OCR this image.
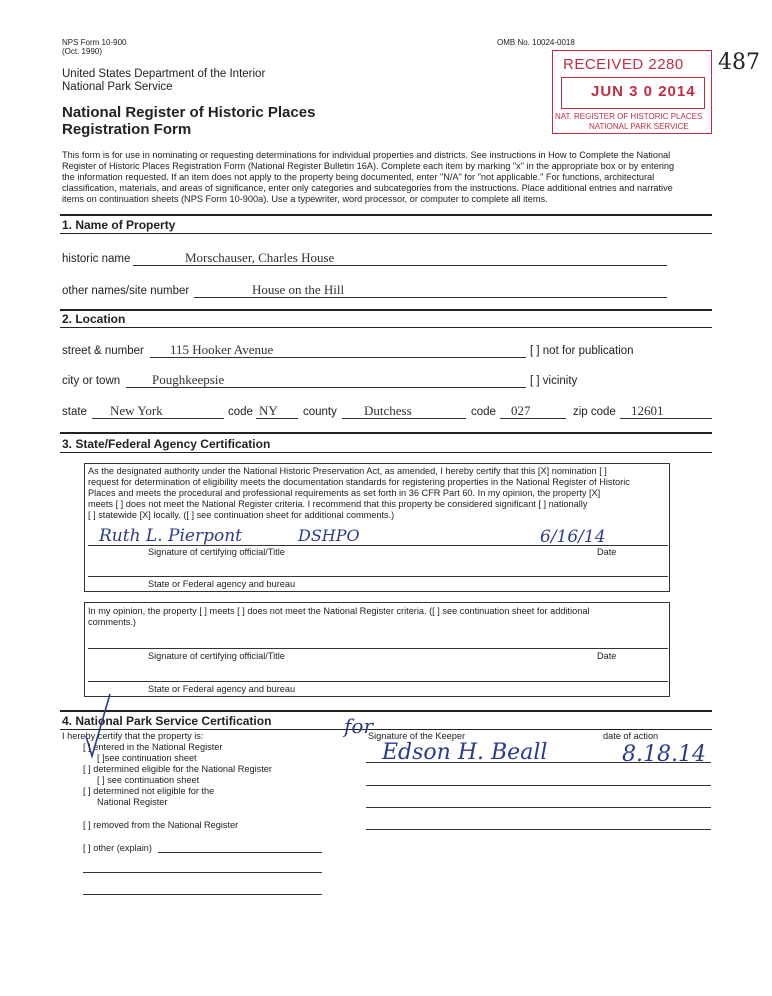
NPS Form 10-900
(Oct. 1990)
OMB No. 10024-0018
United States Department of the Interior
National Park Service
National Register of Historic Places
Registration Form
RECEIVED 2280
JUN 3 0 2014
NAT. REGISTER OF HISTORIC PLACES
NATIONAL PARK SERVICE
487
This form is for use in nominating or requesting determinations for individual properties and districts. See instructions in How to Complete the National
Register of Historic Places Registration Form (National Register Bulletin 16A). Complete each item by marking "x" in the appropriate box or by entering
the information requested. If an item does not apply to the property being documented, enter "N/A" for "not applicable." For functions, architectural
classification, materials, and areas of significance, enter only categories and subcategories from the instructions. Place additional entries and narrative
items on continuation sheets (NPS Form 10-900a). Use a typewriter, word processor, or computer to complete all items.
1. Name of Property
historic name	Morschauser, Charles House
other names/site number	House on the Hill
2. Location
street & number 115 Hooker Avenue	[ ] not for publication
city or town Poughkeepsie	[ ] vicinity
state New York	code NY county Dutchess	code 027	zip code 12601
3. State/Federal Agency Certification
As the designated authority under the National Historic Preservation Act, as amended, I hereby certify that this [X] nomination [ ]
request for determination of eligibility meets the documentation standards for registering properties in the National Register of Historic
Places and meets the procedural and professional requirements as set forth in 36 CFR Part 60. In my opinion, the property [X]
meets [ ] does not meet the National Register criteria. I recommend that this property be considered significant [ ] nationally
[ ] statewide [X] locally. ([ ] see continuation sheet for additional comments.)
Ruth L. Pierpont	DSHPO	6/16/14
Signature of certifying official/Title	Date
State or Federal agency and bureau
In my opinion, the property [ ] meets [ ] does not meet the National Register criteria. ([ ] see continuation sheet for additional
comments.)
Signature of certifying official/Title	Date
State or Federal agency and bureau
4. National Park Service Certification
I hereby certify that the property is:
[ ] entered in the National Register
[ ]see continuation sheet
[ ] determined eligible for the National Register
[ ] see continuation sheet
[ ] determined not eligible for the
National Register
[ ] removed from the National Register
[ ] other (explain)
Signature of the Keeper	date of action
for
Edson H. Beall	8.18.14
